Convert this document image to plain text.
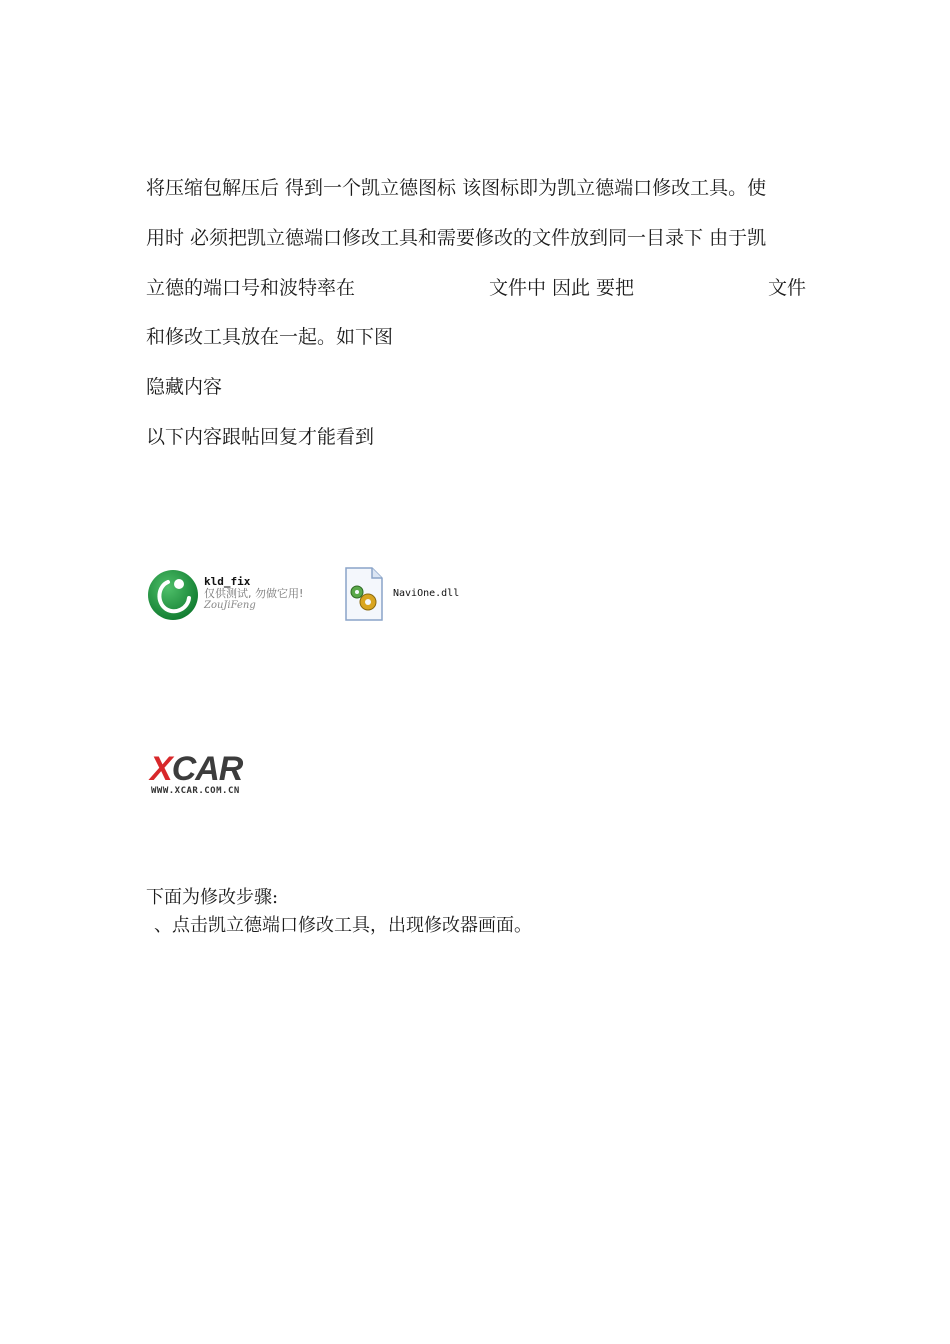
将压缩包解压后 得到一个凯立德图标 该图标即为凯立德端口修改工具。使
用时 必须把凯立德端口修改工具和需要修改的文件放到同一目录下 由于凯
立德的端口号和波特率在	文件中 因此 要把	文件
和修改工具放在一起。如下图
隐藏内容
以下内容跟帖回复才能看到
kld_fix
仅供测试, 勿做它用!
ZouJiFeng
NaviOne.dll
XCAR
WWW.XCAR.COM.CN
下面为修改步骤:
、点击凯立德端口修改工具，出现修改器画面。
